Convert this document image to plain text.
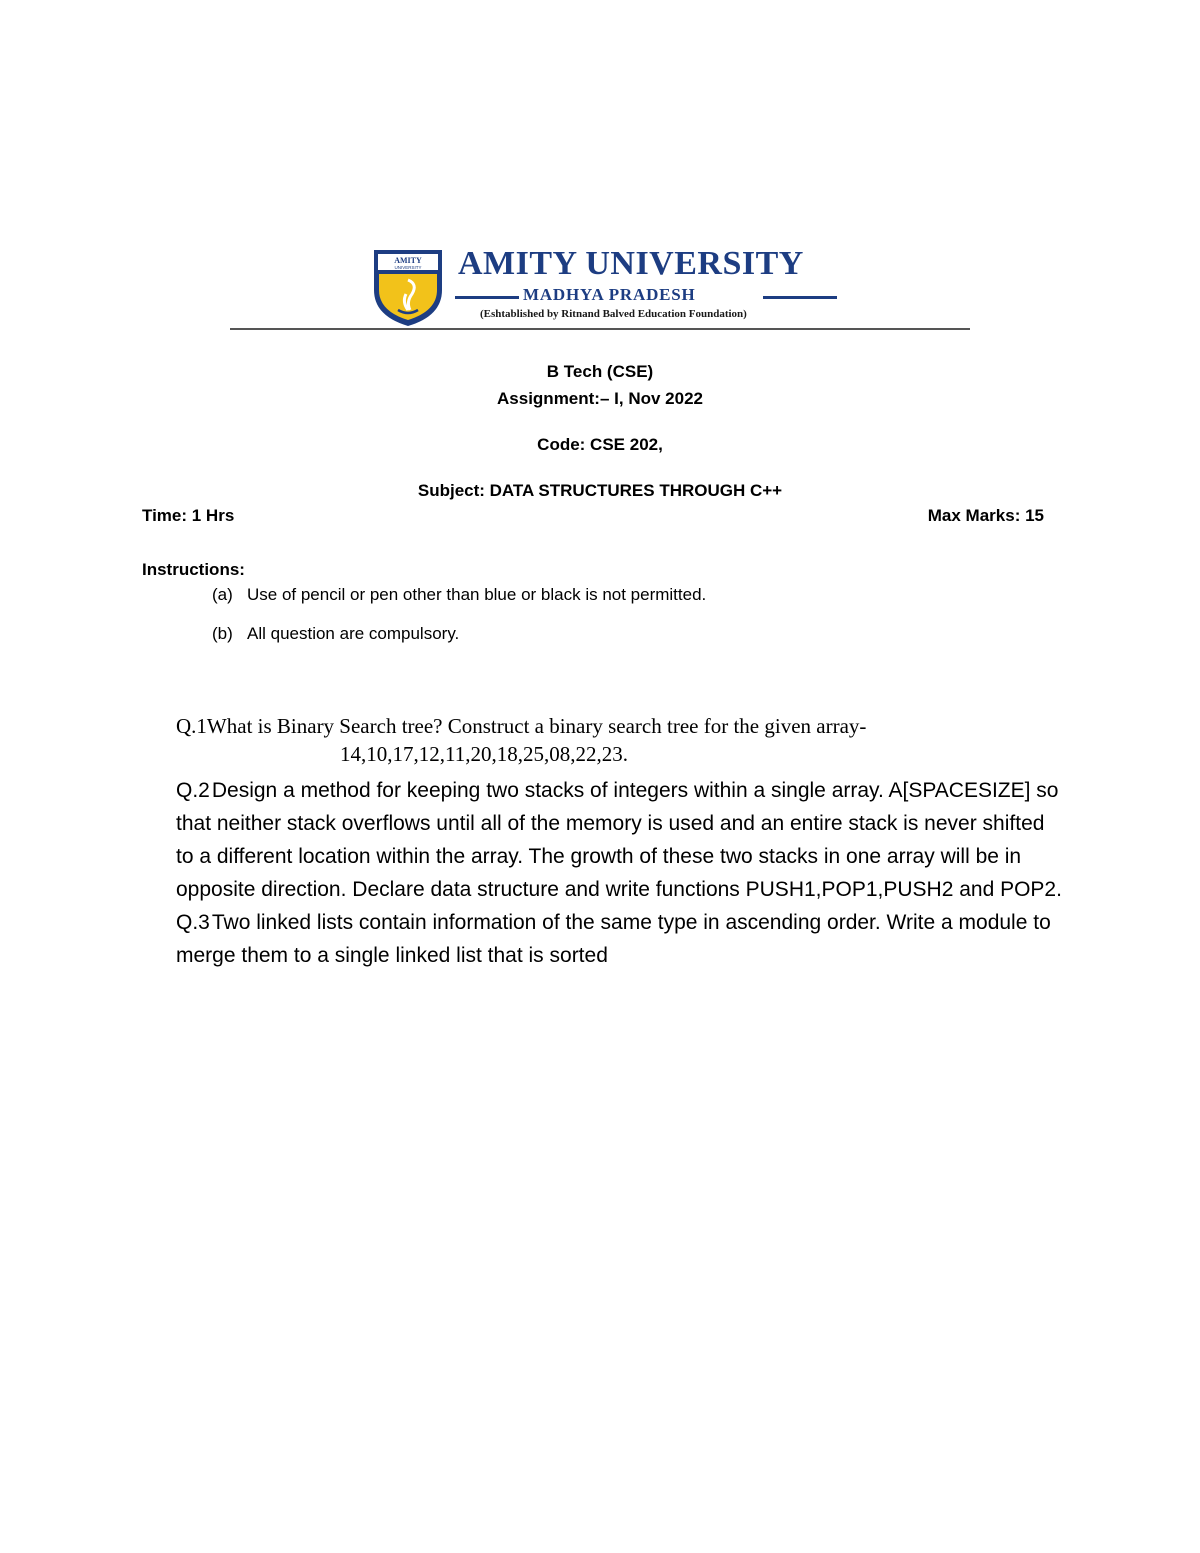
AMITY
UNIVERSITY AMITY UNIVERSITY
MADHYA PRADESH
(Eshtablished by Ritnand Balved Education Foundation)
B Tech (CSE)
Assignment:– I, Nov 2022
Code: CSE 202,
Subject: DATA STRUCTURES THROUGH C++
Time: 1 Hrs	Max Marks: 15
Instructions:
(a) Use of pencil or pen other than blue or black is not permitted.
(b) All question are compulsory.
Q.1What is Binary Search tree? Construct a binary search tree for the given array-
14,10,17,12,11,20,18,25,08,22,23.
Q.2Design a method for keeping two stacks of integers within a single array. A[SPACESIZE] so that neither stack overflows until all of the memory is used and an entire stack is never shifted to a different location within the array. The growth of these two stacks in one array will be in opposite direction. Declare data structure and write functions PUSH1,POP1,PUSH2 and POP2.
Q.3Two linked lists contain information of the same type in ascending order. Write a module to merge them to a single linked list that is sorted
